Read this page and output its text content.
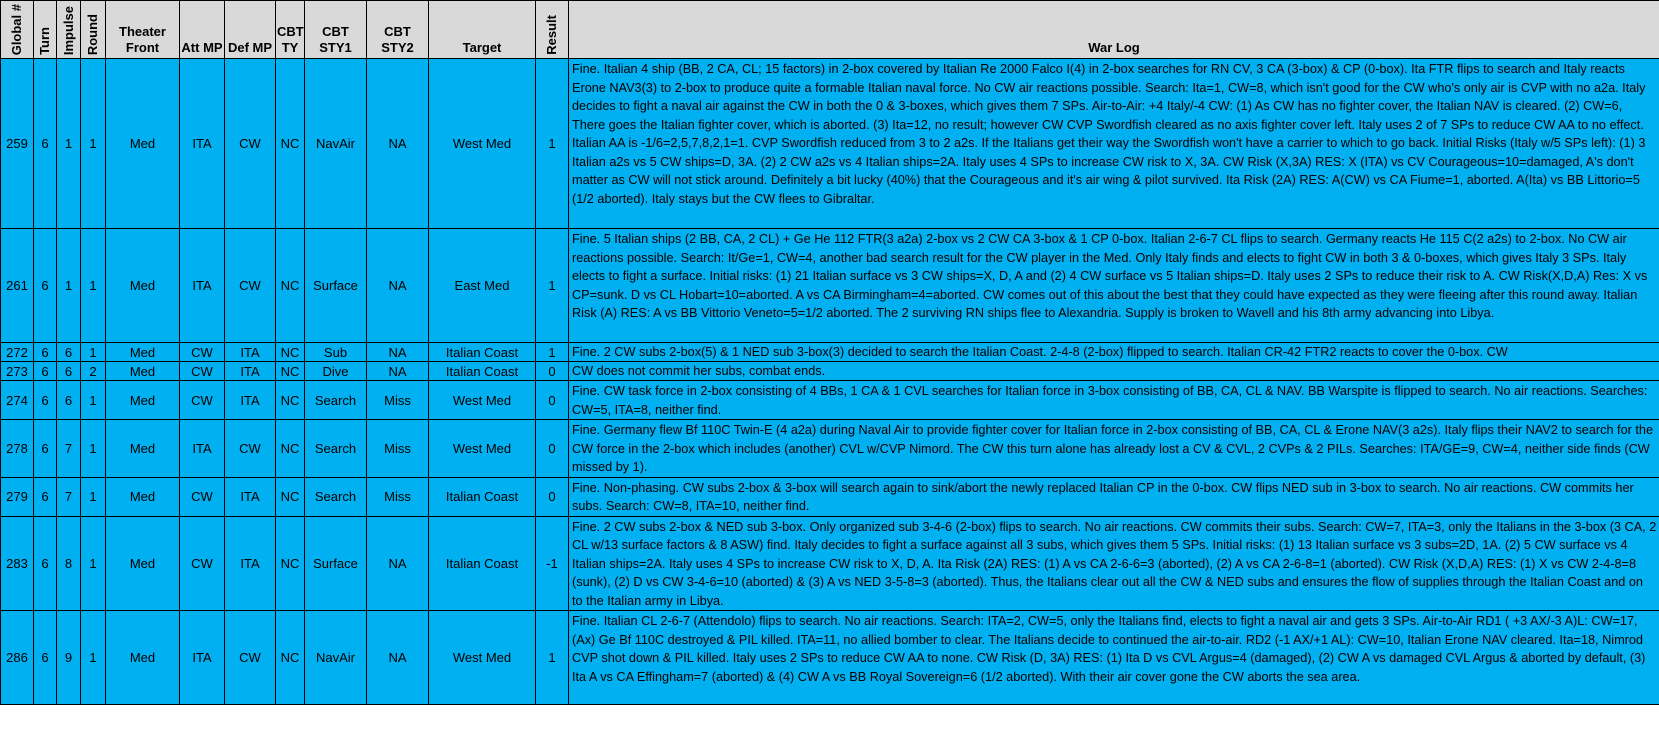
Global #	Turn	Impulse	Round	Theater Front	Att MP	Def MP	CBT TY	CBT STY1	CBT STY2	Target	Result	War Log
259	6	1	1	Med	ITA	CW	NC	NavAir	NA	West Med	1	Fine. Italian 4 ship (BB, 2 CA, CL; 15 factors) in 2-box covered by Italian Re 2000 Falco I(4) in 2-box searches for RN CV, 3 CA (3-box) & CP (0-box). Ita FTR flips to search and Italy reacts Erone NAV3(3) to 2-box to produce quite a formable Italian naval force. No CW air reactions possible. Search: Ita=1, CW=8, which isn't good for the CW who's only air is CVP with no a2a. Italy decides to fight a naval air against the CW in both the 0 & 3-boxes, which gives them 7 SPs. Air-to-Air: +4 Italy/-4 CW: (1) As CW has no fighter cover, the Italian NAV is cleared. (2) CW=6, There goes the Italian fighter cover, which is aborted. (3) Ita=12, no result; however CW CVP Swordfish cleared as no axis fighter cover left. Italy uses 2 of 7 SPs to reduce CW AA to no effect. Italian AA is -1/6=2,5,7,8,2,1=1. CVP Swordfish reduced from 3 to 2 a2s. If the Italians get their way the Swordfish won't have a carrier to which to go back. Initial Risks (Italy w/5 SPs left): (1) 3 Italian a2s vs 5 CW ships=D, 3A. (2) 2 CW a2s vs 4 Italian ships=2A. Italy uses 4 SPs to increase CW risk to X, 3A. CW Risk (X,3A) RES: X (ITA) vs CV Courageous=10=damaged, A's don't matter as CW will not stick around. Definitely a bit lucky (40%) that the Courageous and it's air wing & pilot survived. Ita Risk (2A) RES: A(CW) vs CA Fiume=1, aborted. A(Ita) vs BB Littorio=5 (1/2 aborted). Italy stays but the CW flees to Gibraltar.
261	6	1	1	Med	ITA	CW	NC	Surface	NA	East Med	1	Fine. 5 Italian ships (2 BB, CA, 2 CL) + Ge He 112 FTR(3 a2a) 2-box vs 2 CW CA 3-box & 1 CP 0-box. Italian 2-6-7 CL flips to search. Germany reacts He 115 C(2 a2s) to 2-box. No CW air reactions possible. Search: It/Ge=1, CW=4, another bad search result for the CW player in the Med. Only Italy finds and elects to fight CW in both 3 & 0-boxes, which gives Italy 3 SPs. Italy elects to fight a surface. Initial risks: (1) 21 Italian surface vs 3 CW ships=X, D, A and (2) 4 CW surface vs 5 Italian ships=D. Italy uses 2 SPs to reduce their risk to A. CW Risk(X,D,A) Res: X vs CP=sunk. D vs CL Hobart=10=aborted. A vs CA Birmingham=4=aborted. CW comes out of this about the best that they could have expected as they were fleeing after this round away. Italian Risk (A) RES: A vs BB Vittorio Veneto=5=1/2 aborted. The 2 surviving RN ships flee to Alexandria. Supply is broken to Wavell and his 8th army advancing into Libya.
272	6	6	1	Med	CW	ITA	NC	Sub	NA	Italian Coast	1	Fine. 2 CW subs 2-box(5) & 1 NED sub 3-box(3) decided to search the Italian Coast. 2-4-8 (2-box) flipped to search. Italian CR-42 FTR2 reacts to cover the 0-box. CW
273	6	6	2	Med	CW	ITA	NC	Dive	NA	Italian Coast	0	CW does not commit her subs, combat ends.
274	6	6	1	Med	CW	ITA	NC	Search	Miss	West Med	0	Fine. CW task force in 2-box consisting of 4 BBs, 1 CA & 1 CVL searches for Italian force in 3-box consisting of BB, CA, CL & NAV. BB Warspite is flipped to search. No air reactions. Searches: CW=5, ITA=8, neither find.
278	6	7	1	Med	ITA	CW	NC	Search	Miss	West Med	0	Fine. Germany flew Bf 110C Twin-E (4 a2a) during Naval Air to provide fighter cover for Italian force in 2-box consisting of BB, CA, CL & Erone NAV(3 a2s). Italy flips their NAV2 to search for the CW force in the 2-box which includes (another) CVL w/CVP Nimord. The CW this turn alone has already lost a CV & CVL, 2 CVPs & 2 PILs. Searches: ITA/GE=9, CW=4, neither side finds (CW missed by 1).
279	6	7	1	Med	CW	ITA	NC	Search	Miss	Italian Coast	0	Fine. Non-phasing. CW subs 2-box & 3-box will search again to sink/abort the newly replaced Italian CP in the 0-box. CW flips NED sub in 3-box to search. No air reactions. CW commits her subs. Search: CW=8, ITA=10, neither find.
283	6	8	1	Med	CW	ITA	NC	Surface	NA	Italian Coast	-1	Fine. 2 CW subs 2-box & NED sub 3-box. Only organized sub 3-4-6 (2-box) flips to search. No air reactions. CW commits their subs. Search: CW=7, ITA=3, only the Italians in the 3-box (3 CA, 2 CL w/13 surface factors & 8 ASW) find. Italy decides to fight a surface against all 3 subs, which gives them 5 SPs. Initial risks: (1) 13 Italian surface vs 3 subs=2D, 1A. (2) 5 CW surface vs 4 Italian ships=2A. Italy uses 4 SPs to increase CW risk to X, D, A. Ita Risk (2A) RES: (1) A vs CA 2-6-6=3 (aborted), (2) A vs CA 2-6-8=1 (aborted). CW Risk (X,D,A) RES: (1) X vs CW 2-4-8=8 (sunk), (2) D vs CW 3-4-6=10 (aborted) & (3) A vs NED 3-5-8=3 (aborted). Thus, the Italians clear out all the CW & NED subs and ensures the flow of supplies through the Italian Coast and on to the Italian army in Libya.
286	6	9	1	Med	ITA	CW	NC	NavAir	NA	West Med	1	Fine. Italian CL 2-6-7 (Attendolo) flips to search. No air reactions. Search: ITA=2, CW=5, only the Italians find, elects to fight a naval air and gets 3 SPs. Air-to-Air RD1 ( +3 AX/-3 A)L: CW=17, (Ax) Ge Bf 110C destroyed & PIL killed. ITA=11, no allied bomber to clear. The Italians decide to continued the air-to-air. RD2 (-1 AX/+1 AL): CW=10, Italian Erone NAV cleared. Ita=18, Nimrod CVP shot down & PIL killed. Italy uses 2 SPs to reduce CW AA to none. CW Risk (D, 3A) RES: (1) Ita D vs CVL Argus=4 (damaged), (2) CW A vs damaged CVL Argus & aborted by default, (3) Ita A vs CA Effingham=7 (aborted) & (4) CW A vs BB Royal Sovereign=6 (1/2 aborted). With their air cover gone the CW aborts the sea area.
